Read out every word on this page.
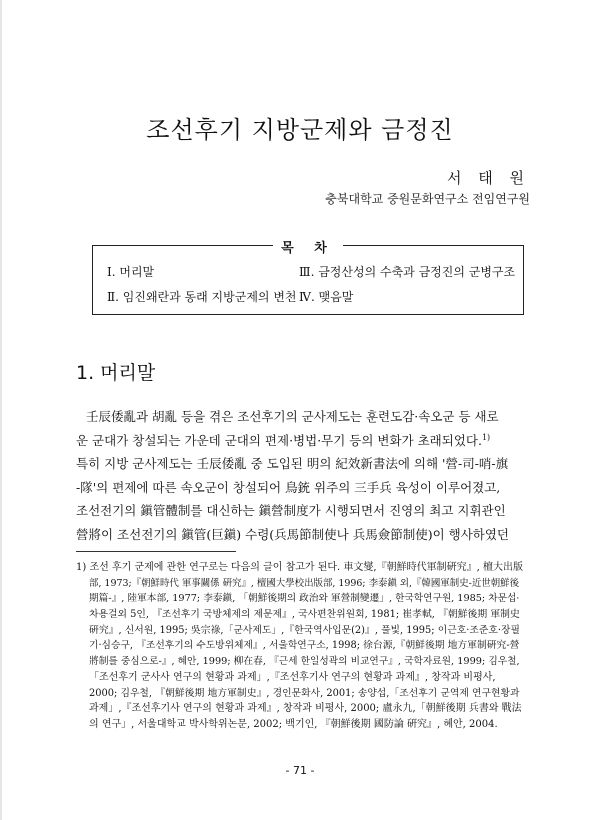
조선후기 지방군제와 금정진
서 태 원
충북대학교 중원문화연구소 전임연구원
목 차
Ⅰ. 머리말
Ⅱ. 임진왜란과 동래 지방군제의 변천
Ⅲ. 금정산성의 수축과 금정진의 군병구조
Ⅳ. 맺음말
1. 머리말
壬辰倭亂과 胡亂 등을 겪은 조선후기의 군사제도는 훈련도감·속오군 등 새로
운 군대가 창설되는 가운데 군대의 편제·병법·무기 등의 변화가 초래되었다.$^{1)}$
특히 지방 군사제도는 壬辰倭亂 중 도입된 明의 紀效新書法에 의해 '營-司-哨-旗
-隊'의 편제에 따른 속오군이 창설되어 鳥銃 위주의 三手兵 육성이 이루어졌고,
조선전기의 鎭管體制를 대신하는 鎭營制度가 시행되면서 진영의 최고 지휘관인
營將이 조선전기의 鎭管(巨鎭) 수령(兵馬節制使나 兵馬僉節制使)이 행사하였던
1) 조선 후기 군제에 관한 연구로는 다음의 글이 참고가 된다. 車文燮,『朝鮮時代軍制硏究』, 檀大出版
部, 1973;『朝鮮時代 軍事關係 硏究』, 檀國大學校出版部, 1996; 李泰鎭 외,『韓國軍制史-近世朝鮮後
期篇-』, 陸軍本部, 1977; 李泰鎭, 「朝鮮後期의 政治와 軍營制變遷」, 한국학연구원, 1985; 차문섭·
차용걸외 5인, 『조선후기 국방체제의 제문제』, 국사편찬위원회, 1981; 崔孝軾, 『朝鮮後期 軍制史
硏究』, 신서원, 1995; 吳宗祿,「군사제도」,『한국역사입문(2)』, 풀빛, 1995; 이근호·조준호·장필
기·심승구, 『조선후기의 수도방위체제』, 서울학연구소, 1998; 徐台源,『朝鮮後期 地方軍制硏究-營
將制를 중심으로-』, 혜안, 1999; 柳在春, 『근세 한일성곽의 비교연구』, 국학자료원, 1999; 김우철,
「조선후기 군사사 연구의 현황과 과제」,『조선후기사 연구의 현황과 과제』, 창작과 비평사,
2000; 김우철, 『朝鮮後期 地方軍制史』, 경인문화사, 2001; 송양섭,「조선후기 군역제 연구현황과
과제」,『조선후기사 연구의 현황과 과제』, 창작과 비평사, 2000; 盧永九,「朝鮮後期 兵書와 戰法
의 연구」, 서울대학교 박사학위논문, 2002; 백기인, 『朝鮮後期 國防論 硏究』, 혜안, 2004.
- 71 -
